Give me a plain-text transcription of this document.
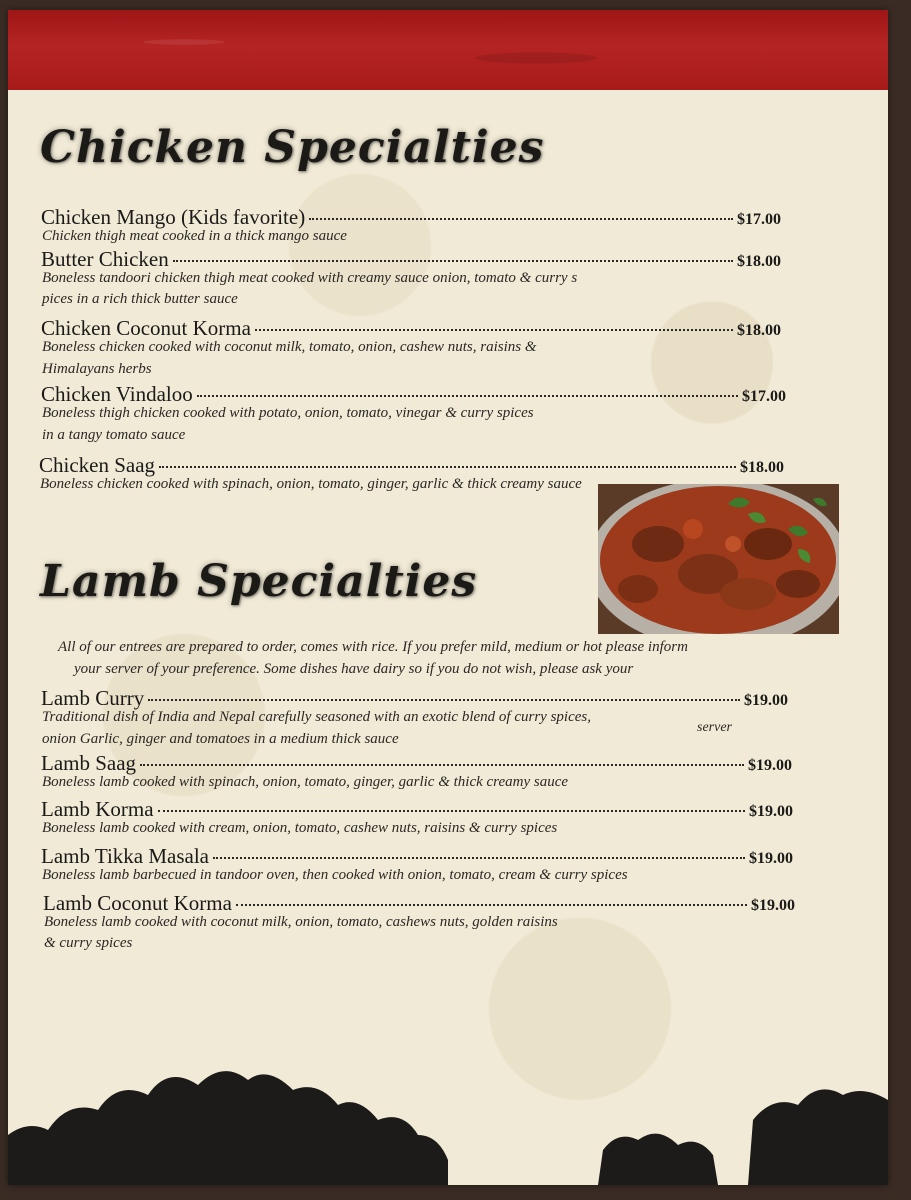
Chicken Specialties
Chicken Mango (Kids favorite)	$17.00

Chicken thigh meat cooked in a thick mango sauce

Butter Chicken	$18.00

Boneless tandoori chicken thigh meat cooked with creamy sauce onion, tomato & curry s

pices in a rich thick butter sauce

Chicken Coconut Korma	$18.00

Boneless chicken cooked with coconut milk, tomato, onion, cashew nuts, raisins &

Himalayans herbs

Chicken Vindaloo	$17.00

Boneless thigh chicken cooked with potato, onion, tomato, vinegar & curry spices

in a tangy tomato sauce

Chicken Saag	$18.00

Boneless chicken cooked with spinach, onion, tomato, ginger, garlic & thick creamy sauce

Lamb Specialties

All of our entrees are prepared to order, comes with rice. If you prefer mild, medium or hot please inform

your server of your preference. Some dishes have dairy so if you do not wish, please ask your

Lamb Curry	$19.00

Traditional dish of India and Nepal carefully seasoned with an exotic blend of curry spices,

server

onion Garlic, ginger and tomatoes in a medium thick sauce

Lamb Saag	$19.00

Boneless lamb cooked with spinach, onion, tomato, ginger, garlic & thick creamy sauce

Lamb Korma	$19.00

Boneless lamb cooked with cream, onion, tomato, cashew nuts, raisins & curry spices

Lamb Tikka Masala	$19.00

Boneless lamb barbecued in tandoor oven, then cooked with onion, tomato, cream & curry spices

Lamb Coconut Korma	$19.00

Boneless lamb cooked with coconut milk, onion, tomato, cashews nuts, golden raisins

& curry spices
